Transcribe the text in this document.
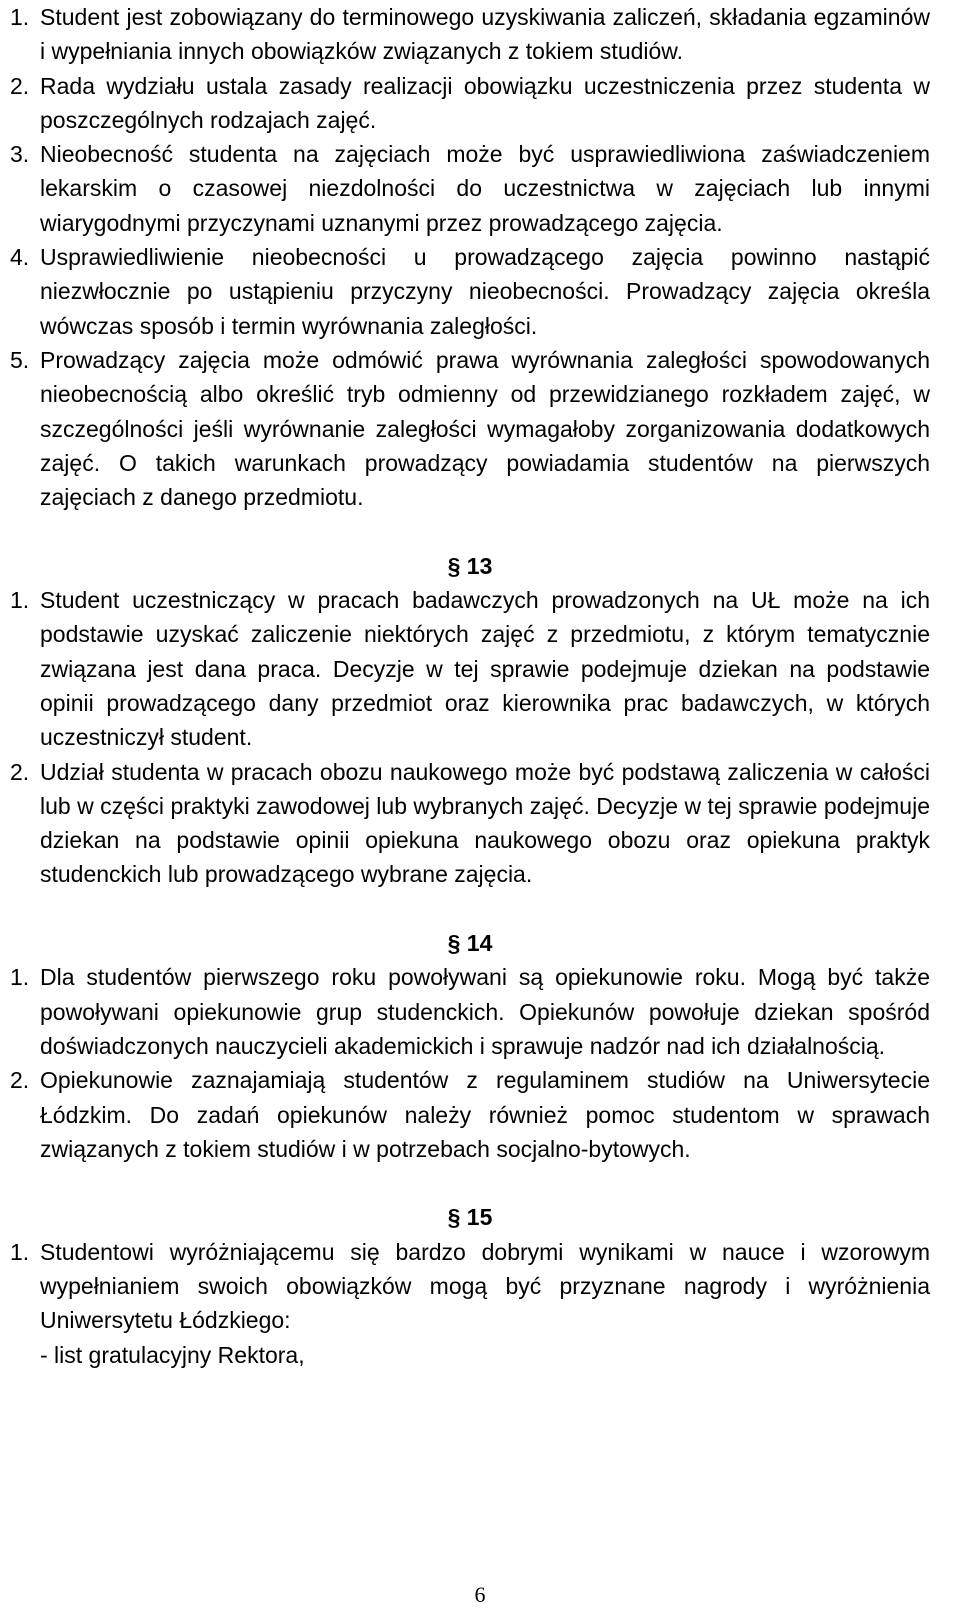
1. Student jest zobowiązany do terminowego uzyskiwania zaliczeń, składania egzaminów i wypełniania innych obowiązków związanych z tokiem studiów.

2. Rada wydziału ustala zasady realizacji obowiązku uczestniczenia przez studenta w poszczególnych rodzajach zajęć.

3. Nieobecność studenta na zajęciach może być usprawiedliwiona zaświadczeniem lekarskim o czasowej niezdolności do uczestnictwa w zajęciach lub innymi wiarygodnymi przyczynami uznanymi przez prowadzącego zajęcia.

4. Usprawiedliwienie nieobecności u prowadzącego zajęcia powinno nastąpić niezwłocznie po ustąpieniu przyczyny nieobecności. Prowadzący zajęcia określa wówczas sposób i termin wyrównania zaległości.

5. Prowadzący zajęcia może odmówić prawa wyrównania zaległości spowodowanych nieobecnością albo określić tryb odmienny od przewidzianego rozkładem zajęć, w szczególności jeśli wyrównanie zaległości wymagałoby zorganizowania dodatkowych zajęć. O takich warunkach prowadzący powiadamia studentów na pierwszych zajęciach z danego przedmiotu.

§ 13

1. Student uczestniczący w pracach badawczych prowadzonych na UŁ może na ich podstawie uzyskać zaliczenie niektórych zajęć z przedmiotu, z którym tematycznie związana jest dana praca. Decyzje w tej sprawie podejmuje dziekan na podstawie opinii prowadzącego dany przedmiot oraz kierownika prac badawczych, w których uczestniczył student.

2. Udział studenta w pracach obozu naukowego może być podstawą zaliczenia w całości lub w części praktyki zawodowej lub wybranych zajęć. Decyzje w tej sprawie podejmuje dziekan na podstawie opinii opiekuna naukowego obozu oraz opiekuna praktyk studenckich lub prowadzącego wybrane zajęcia.

§ 14

1. Dla studentów pierwszego roku powoływani są opiekunowie roku. Mogą być także powoływani opiekunowie grup studenckich. Opiekunów powołuje dziekan spośród doświadczonych nauczycieli akademickich i sprawuje nadzór nad ich działalnością.

2. Opiekunowie zaznajamiają studentów z regulaminem studiów na Uniwersytecie Łódzkim. Do zadań opiekunów należy również pomoc studentom w sprawach związanych z tokiem studiów i w potrzebach socjalno-bytowych.

§ 15

1. Studentowi wyróżniającemu się bardzo dobrymi wynikami w nauce i wzorowym wypełnianiem swoich obowiązków mogą być przyznane nagrody i wyróżnienia Uniwersytetu Łódzkiego:

- list gratulacyjny Rektora,

6
